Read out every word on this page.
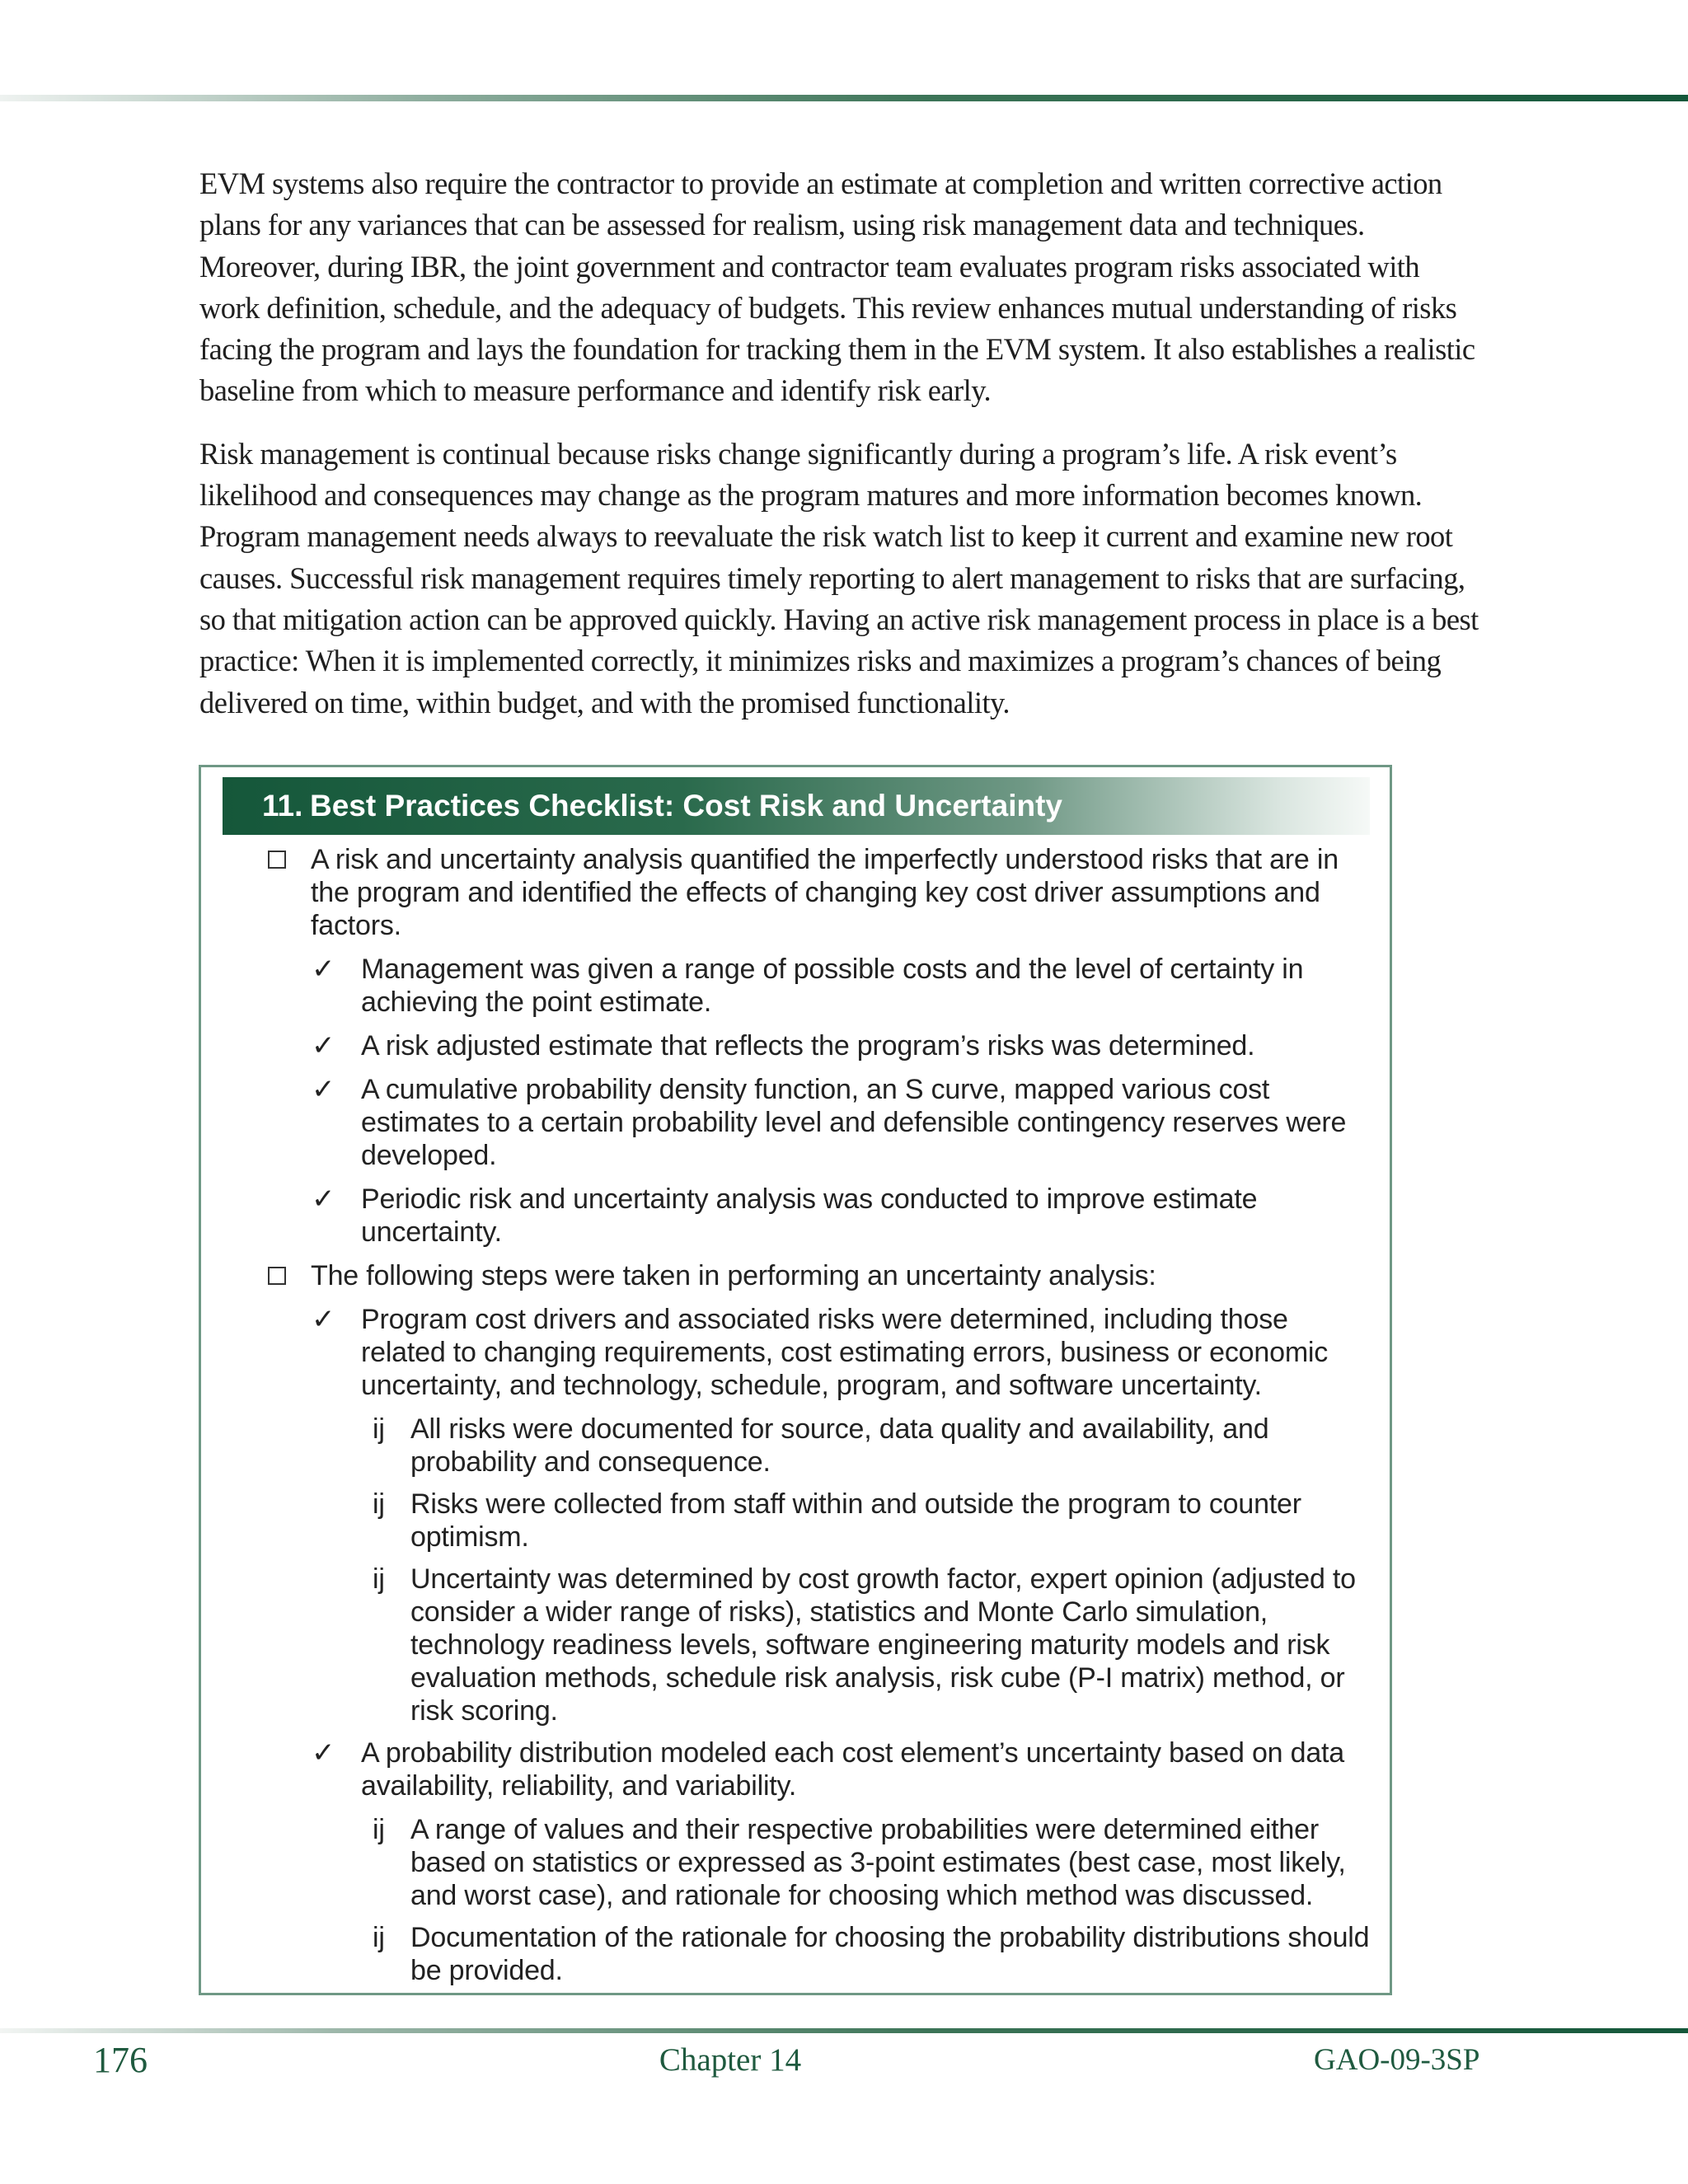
EVM systems also require the contractor to provide an estimate at completion and written corrective action plans for any variances that can be assessed for realism, using risk management data and techniques. Moreover, during IBR, the joint government and contractor team evaluates program risks associated with work definition, schedule, and the adequacy of budgets. This review enhances mutual understanding of risks facing the program and lays the foundation for tracking them in the EVM system. It also establishes a realistic baseline from which to measure performance and identify risk early.

Risk management is continual because risks change significantly during a program’s life. A risk event’s likelihood and consequences may change as the program matures and more information becomes known. Program management needs always to reevaluate the risk watch list to keep it current and examine new root causes. Successful risk management requires timely reporting to alert management to risks that are surfacing, so that mitigation action can be approved quickly. Having an active risk management process in place is a best practice: When it is implemented correctly, it minimizes risks and maximizes a program’s chances of being delivered on time, within budget, and with the promised functionality.

11. Best Practices Checklist: Cost Risk and Uncertainty
A risk and uncertainty analysis quantified the imperfectly understood risks that are in the program and identified the effects of changing key cost driver assumptions and factors.
✓ Management was given a range of possible costs and the level of certainty in achieving the point estimate.
✓ A risk adjusted estimate that reflects the program’s risks was determined.
✓ A cumulative probability density function, an S curve, mapped various cost estimates to a certain probability level and defensible contingency reserves were developed.
✓ Periodic risk and uncertainty analysis was conducted to improve estimate uncertainty.
The following steps were taken in performing an uncertainty analysis:
✓ Program cost drivers and associated risks were determined, including those related to changing requirements, cost estimating errors, business or economic uncertainty, and technology, schedule, program, and software uncertainty.
ij All risks were documented for source, data quality and availability, and probability and consequence.
ij Risks were collected from staff within and outside the program to counter optimism.
ij Uncertainty was determined by cost growth factor, expert opinion (adjusted to consider a wider range of risks), statistics and Monte Carlo simulation, technology readiness levels, software engineering maturity models and risk evaluation methods, schedule risk analysis, risk cube (P-I matrix) method, or risk scoring.
✓ A probability distribution modeled each cost element’s uncertainty based on data availability, reliability, and variability.
ij A range of values and their respective probabilities were determined either based on statistics or expressed as 3-point estimates (best case, most likely, and worst case), and rationale for choosing which method was discussed.
ij Documentation of the rationale for choosing the probability distributions should be provided.
176	Chapter 14	GAO-09-3SP
